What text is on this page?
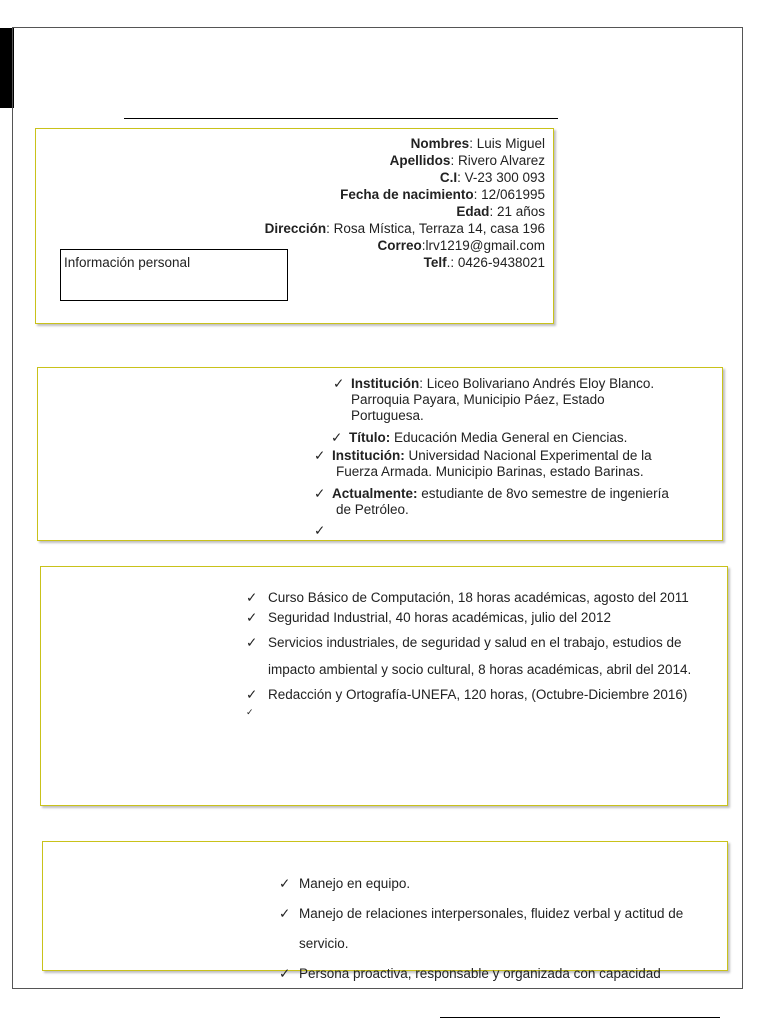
Nombres: Luis Miguel
Apellidos: Rivero Alvarez
C.I: V-23 300 093
Fecha de nacimiento: 12/061995
Edad: 21 años
Dirección: Rosa Mística, Terraza 14, casa 196
Correo:lrv1219@gmail.com
Telf.: 0426-9438021
Información personal
✓ Institución: Liceo Bolivariano Andrés Eloy Blanco.
Parroquia Payara, Municipio Páez, Estado
Portuguesa.
✓ Título: Educación Media General en Ciencias.
✓ Institución: Universidad Nacional Experimental de la
Fuerza Armada. Municipio Barinas, estado Barinas.
✓ Actualmente: estudiante de 8vo semestre de ingeniería
de Petróleo.
✓
✓ Curso Básico de Computación, 18 horas académicas, agosto del 2011
✓ Seguridad Industrial, 40 horas académicas, julio del 2012
✓ Servicios industriales, de seguridad y salud en el trabajo, estudios de impacto ambiental y socio cultural, 8 horas académicas, abril del 2014.
✓ Redacción y Ortografía-UNEFA, 120 horas, (Octubre-Diciembre 2016)
✓
✓ Manejo en equipo.
✓ Manejo de relaciones interpersonales, fluidez verbal y actitud de servicio.
✓ Persona proactiva, responsable y organizada con capacidad
